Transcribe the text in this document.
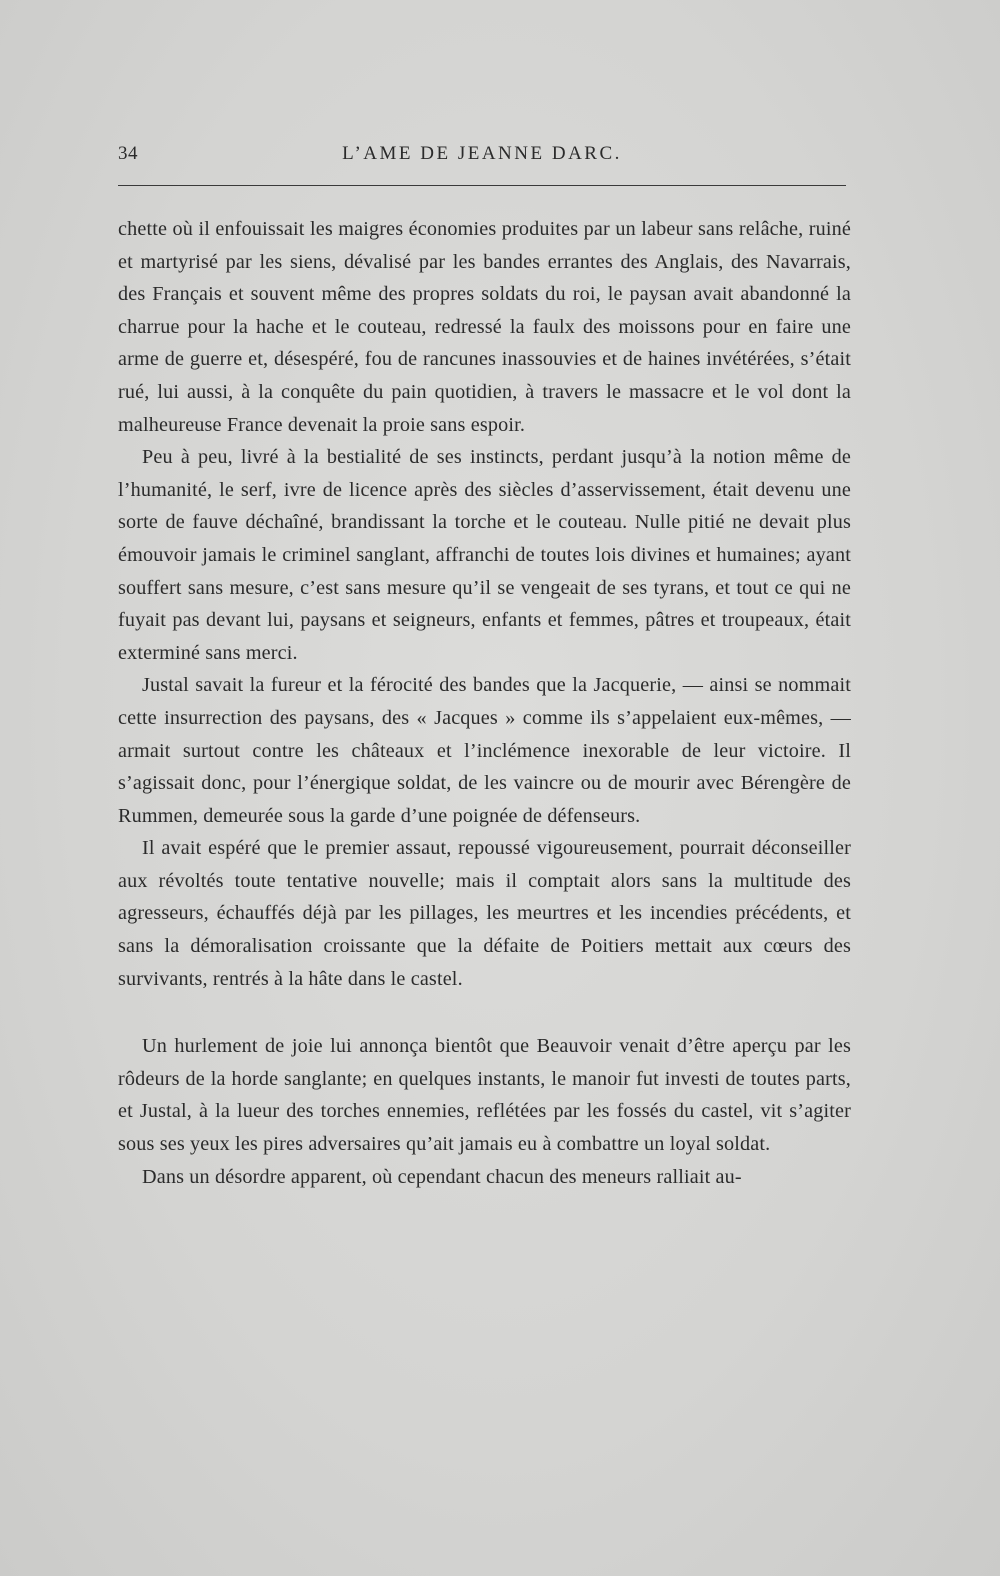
34	L’AME DE JEANNE DARC.

chette où il enfouissait les maigres économies produites par un labeur sans relâche, ruiné et martyrisé par les siens, dévalisé par les bandes errantes des Anglais, des Navarrais, des Français et souvent même des propres soldats du roi, le paysan avait abandonné la charrue pour la hache et le couteau, redressé la faulx des moissons pour en faire une arme de guerre et, désespéré, fou de rancunes inassouvies et de haines invétérées, s’était rué, lui aussi, à la conquête du pain quotidien, à travers le massacre et le vol dont la malheureuse France devenait la proie sans espoir.

Peu à peu, livré à la bestialité de ses instincts, perdant jusqu’à la notion même de l’humanité, le serf, ivre de licence après des siècles d’asservissement, était devenu une sorte de fauve déchaîné, brandissant la torche et le couteau. Nulle pitié ne devait plus émouvoir jamais le criminel sanglant, affranchi de toutes lois divines et humaines; ayant souffert sans mesure, c’est sans mesure qu’il se vengeait de ses tyrans, et tout ce qui ne fuyait pas devant lui, paysans et seigneurs, enfants et femmes, pâtres et troupeaux, était exterminé sans merci.

Justal savait la fureur et la férocité des bandes que la Jacquerie, — ainsi se nommait cette insurrection des paysans, des « Jacques » comme ils s’appelaient eux-mêmes, — armait surtout contre les châteaux et l’inclémence inexorable de leur victoire. Il s’agissait donc, pour l’énergique soldat, de les vaincre ou de mourir avec Bérengère de Rummen, demeurée sous la garde d’une poignée de défenseurs.

Il avait espéré que le premier assaut, repoussé vigoureusement, pourrait déconseiller aux révoltés toute tentative nouvelle; mais il comptait alors sans la multitude des agresseurs, échauffés déjà par les pillages, les meurtres et les incendies précédents, et sans la démoralisation croissante que la défaite de Poitiers mettait aux cœurs des survivants, rentrés à la hâte dans le castel.

Un hurlement de joie lui annonça bientôt que Beauvoir venait d’être aperçu par les rôdeurs de la horde sanglante; en quelques instants, le manoir fut investi de toutes parts, et Justal, à la lueur des torches ennemies, reflétées par les fossés du castel, vit s’agiter sous ses yeux les pires adversaires qu’ait jamais eu à combattre un loyal soldat.

Dans un désordre apparent, où cependant chacun des meneurs ralliait au-
